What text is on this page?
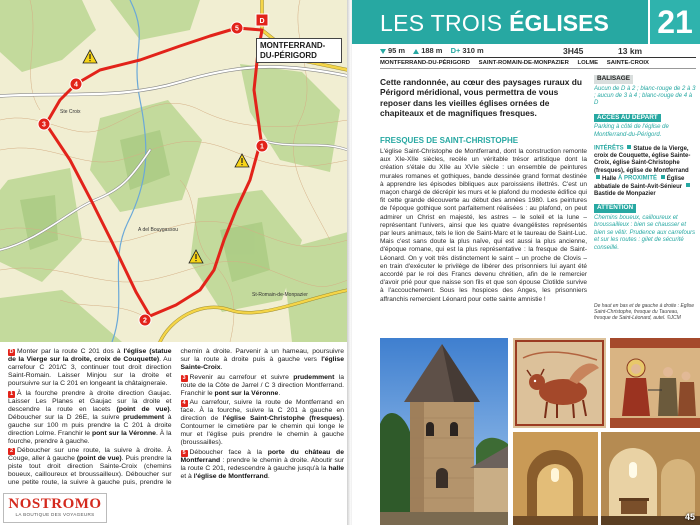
Ste Croix
A del Bouygassou
St-Romain-de-Monpazier
D
1
2
3
4
5
MONTFERRAND-DU-PÉRIGORD

D Monter par la route C 201 dos à l'église (statue de la Vierge sur la droite, croix de Couquette). Au carrefour C 201/C 3, continuer tout droit direction Saint-Romain. Laisser Minjou sur la droite et poursuivre sur la C 201 en longeant la châtaigneraie.

1 À la fourche prendre à droite direction Gaujac. Laisser Les Planes et Gaujac sur la droite et descendre la route en lacets (point de vue). Déboucher sur la D 26E, la suivre prudemment à gauche sur 100 m puis prendre la C 201 à droite direction Lolme. Franchir le pont sur la Véronne. À la fourche, prendre à gauche.

2 Déboucher sur une route, la suivre à droite. À Couge, aller à gauche (point de vue). Puis prendre la piste tout droit direction Sainte-Croix (chemins boueux, cailloureux et broussailleux). Déboucher sur une petite route, la suivre à gauche puis, prendre le chemin à droite. Parvenir à un hameau, poursuivre sur la route à droite puis à gauche vers l'église Sainte-Croix.

3 Revenir au carrefour et suivre prudemment la route de la Côte de Jarrel / C 3 direction Montferrand. Franchir le pont sur la Véronne.

4 Au carrefour, suivre la route de Montferrand en face. À la fourche, suivre la C 201 à gauche en direction de l'église Saint-Christophe (fresques). Contourner le cimetière par le chemin qui longe le mur et l'église puis prendre le chemin à gauche (broussailles).

5 Déboucher face à la porte du château de Montferrand : prendre le chemin à droite. Aboutir sur la route C 201, redescendre à gauche jusqu'à la halle et à l'église de Montferrand.

NOSTROMO
LA BOUTIQUE DES VOYAGEURS
LES TROIS ÉGLISES 21
95 m 188 m D+ 310 m	3H45	13 km
MONTFERRAND-DU-PÉRIGORD SAINT-ROMAIN-DE-MONPAZIER LOLME SAINTE-CROIX

Cette randonnée, au cœur des paysages ruraux du Périgord méridional, vous permettra de vous reposer dans les vieilles églises ornées de chapiteaux et de magnifiques fresques.

FRESQUES DE SAINT-CHRISTOPHE

L'église Saint-Christophe de Montferrand, dont la construction remonte aux XIe-XIIe siècles, recèle un véritable trésor artistique dont la création s'étale du XIIe au XVIe siècle : un ensemble de peintures murales romanes et gothiques, bande dessinée grand format destinée à apprendre les épisodes bibliques aux paroissiens illettrés. C'est un maçon chargé de décrépir les murs et le plafond du modeste édifice qui fit cette grande découverte au début des années 1980. Les peintures de l'époque gothique sont parfaitement réalisées : au plafond, on peut admirer un Christ en majesté, les astres – le soleil et la lune – représentant l'univers, ainsi que les quatre évangélistes représentés par leurs animaux, tels le lion de Saint-Marc et le taureau de Saint-Luc. Mais c'est sans doute la plus naïve, qui est aussi la plus ancienne, d'époque romane, qui est la plus représentative : la fresque de Saint-Léonard. On y voit très distinctement le saint – un proche de Clovis – en train d'exécuter le privilège de libérer des prisonniers lui ayant été accordé par le roi des Francs devenu chrétien, afin de le remercier d'avoir prié pour que naisse son fils et que son épouse Clotilde survive à l'accouchement. Sous les hospices des Anges, les prisonniers affranchis remercient Léonard pour cette sainte amnistie !

BALISAGE

Aucun de D à 2 ; blanc-rouge de 2 à 3 ; aucun de 3 à 4 ; blanc-rouge de 4 à D

ACCÈS AU DÉPART

Parking à côté de l'église de Montferrand-du-Périgord.

INTÉRÊTS Statue de la Vierge, croix de Couquette, église Sainte-Croix, église Saint-Christophe (fresques), église de Montferrand Halle À PROXIMITÉ Église abbatiale de Saint-Avit-Sénieur Bastide de Monpazier

ATTENTION

Chemins boueux, cailloureux et broussailleux : bien se chausser et bien se vêtir. Prudence aux carrefours et sur les routes : gilet de sécurité conseillé.

De haut en bas et de gauche à droite : Église Saint-Christophe, fresque du Taureau, fresque de Saint-Léonard, autel. ©JCM

45
